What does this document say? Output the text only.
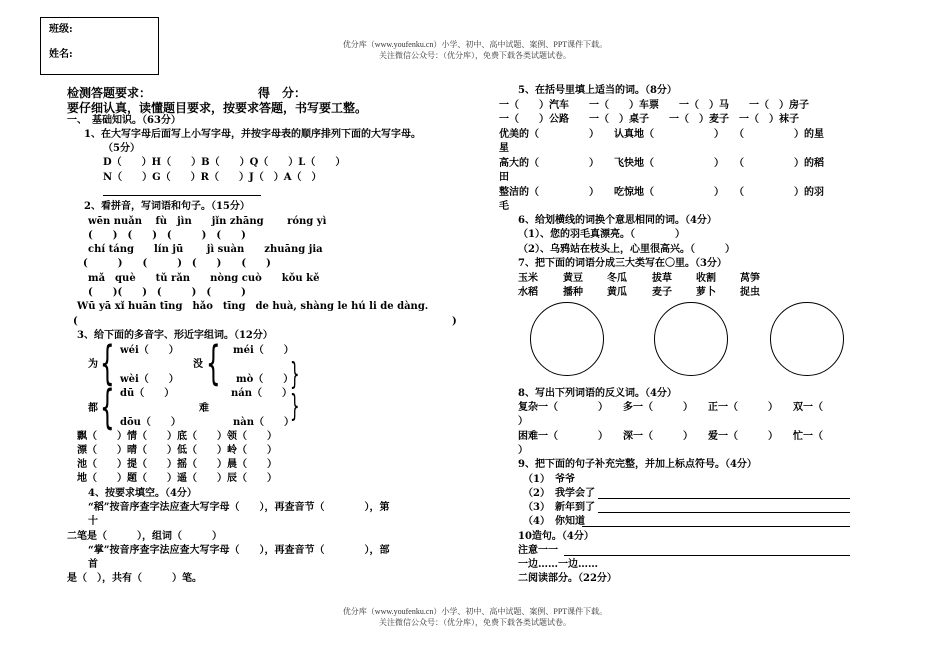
班级:
姓名:
优分库（www.youfenku.cn）小学、初中、高中试题、案例、PPT课件下载。
关注微信公众号：（优分库），免费下载各类试题试卷。
优分库（www.youfenku.cn）小学、初中、高中试题、案例、PPT课件下载。
关注微信公众号：（优分库），免费下载各类试题试卷。
检测答题要求：	得　分：
要仔细认真，读懂题目要求，按要求答题，书写要工整。
一、　基础知识。（63分）
1、在大写字母后面写上小写字母，并按字母表的顺序排列下面的大写字母。
（5分）
D（　　）H（　　）B（　　）Q（　　）L（　　）
N（　　）G（　　）R（　　）J（　）A（　）
2、看拼音，写词语和句子。（15分）
wēn nuǎn　 fù　jìn　　jǐn zhāng　　 róng yì
(　　)　(　　)　(　　　)　(　　)
chí táng　　lín jū　　 jì suàn　　zhuāng jia
(　　　)　　(　　　)　(　　)　　(　　)
mǎ　què　　tǔ rǎn　　nòng cuò　　kǒu kě
(　　)(　　)　(　　　)　(　　　)
Wū yā xǐ huān tīng　hǎo　tīng　de huà, shàng le hú li de dàng.
(	)
3、给下面的多音字、形近字组词。（12分）
wéi（　　）	méi（　　）
为 {	没 {
wèi（　　）	mò（　　）
}
dū（　　）	nán（　　）
都 {	难	}
dōu（　　）	nàn（　　）
飘（　　）情（　　）底（　　）领（　　）
漂（　　）晴（　　）低（　　）岭（　　）
池（　　）提（　　）摇（　　）晨（　　）
地（　　）题（　　）遥（　　）辰（　　）
4、按要求填空。（4分）
“稻”按音序查字法应查大写字母（　　），再查音节（　　　　），第
十
二笔是（　　　），组词（　　　）
“掌”按音序查字法应查大写字母（　　），再查音节（　　　　），部
首
是（　），共有（　　　）笔。
5、在括号里填上适当的词。（8分）
一（　　）汽车　　一（　　）车票　　一（　）马　　一（　）房子
一（　　）公路　　一（　）桌子　　一（　）麦子　一（　）袜子
优美的（　　　　　）　　认真地（　　　　　　）　　（　　　　　）的星
星
高大的（　　　　　）　　飞快地（　　　　　　）　　（　　　　　）的稻
田
整洁的（　　　　　）　　吃惊地（　　　　　　）　　（　　　　　）的羽
毛
6、给划横线的词换个意思相同的词。（4分）
（1）、您的羽毛真漂亮。（　　　　）
（2）、乌鸦站在枝头上，心里很高兴。（　　　）
7、把下面的词语分成三大类写在〇里。（3分）
玉米	黄豆 冬瓜	拔草 收割 莴笋
水稻	播种 黄瓜	麦子 萝卜 捉虫
8、写出下列词语的反义词。（4分）
复杂一（　　　　）　　多一（　　　）　　正一（　　　）　　双一（
）
困难一（　　　　）　　深一（　　　）　　爱一（　　　）　　忙一（
）
9、把下面的句子补充完整，并加上标点符号。（4分）
（1）　爷爷
（2）　我学会了
（3）　新年到了
（4）　你知道
10造句。（4分）
注意一一
一边……一边……
二阅读部分。（22分）
